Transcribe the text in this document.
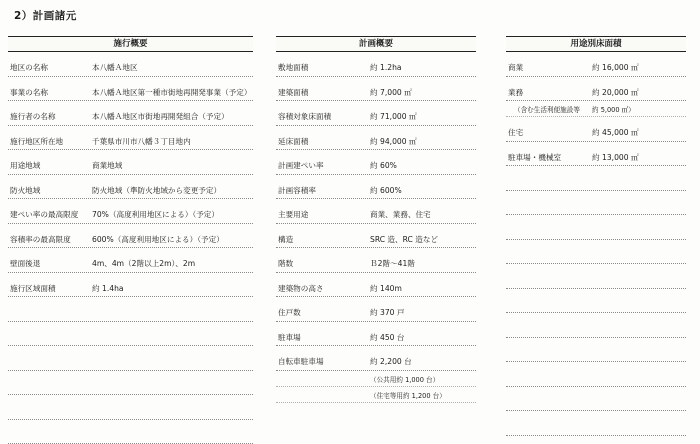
2）計画諸元
施行概要
地区の名称	本八幡Ａ地区
事業の名称	本八幡Ａ地区第一種市街地再開発事業（予定）
施行者の名称	本八幡Ａ地区市街地再開発組合（予定）
施行地区所在地	千葉県市川市八幡３丁目地内
用途地域	商業地域
防火地域	防火地域（準防火地域から変更予定）
建ぺい率の最高限度 70%（高度利用地区による）（予定）
容積率の最高限度	600%（高度利用地区による）（予定）
壁面後退	4m、4m（2階以上2m）、2m
施行区域面積	約 1.4ha
計画概要
敷地面積	約 1.2ha
建築面積	約 7,000 ㎡
容積対象床面積	約 71,000 ㎡
延床面積	約 94,000 ㎡
計画建ぺい率	約 60%
計画容積率	約 600%
主要用途	商業、業務、住宅
構造	SRC 造、RC 造など
階数	Ｂ2階～41階
建築物の高さ	約 140m
住戸数	約 370 戸
駐車場	約 450 台
自転車駐車場	約 2,200 台
（公共用約 1,000 台）
（住宅等用約 1,200 台）
用途別床面積
商業	約 16,000 ㎡
業務	約 20,000 ㎡
（含む生活利便施設等 約 5,000 ㎡）
住宅	約 45,000 ㎡
駐車場・機械室	約 13,000 ㎡
